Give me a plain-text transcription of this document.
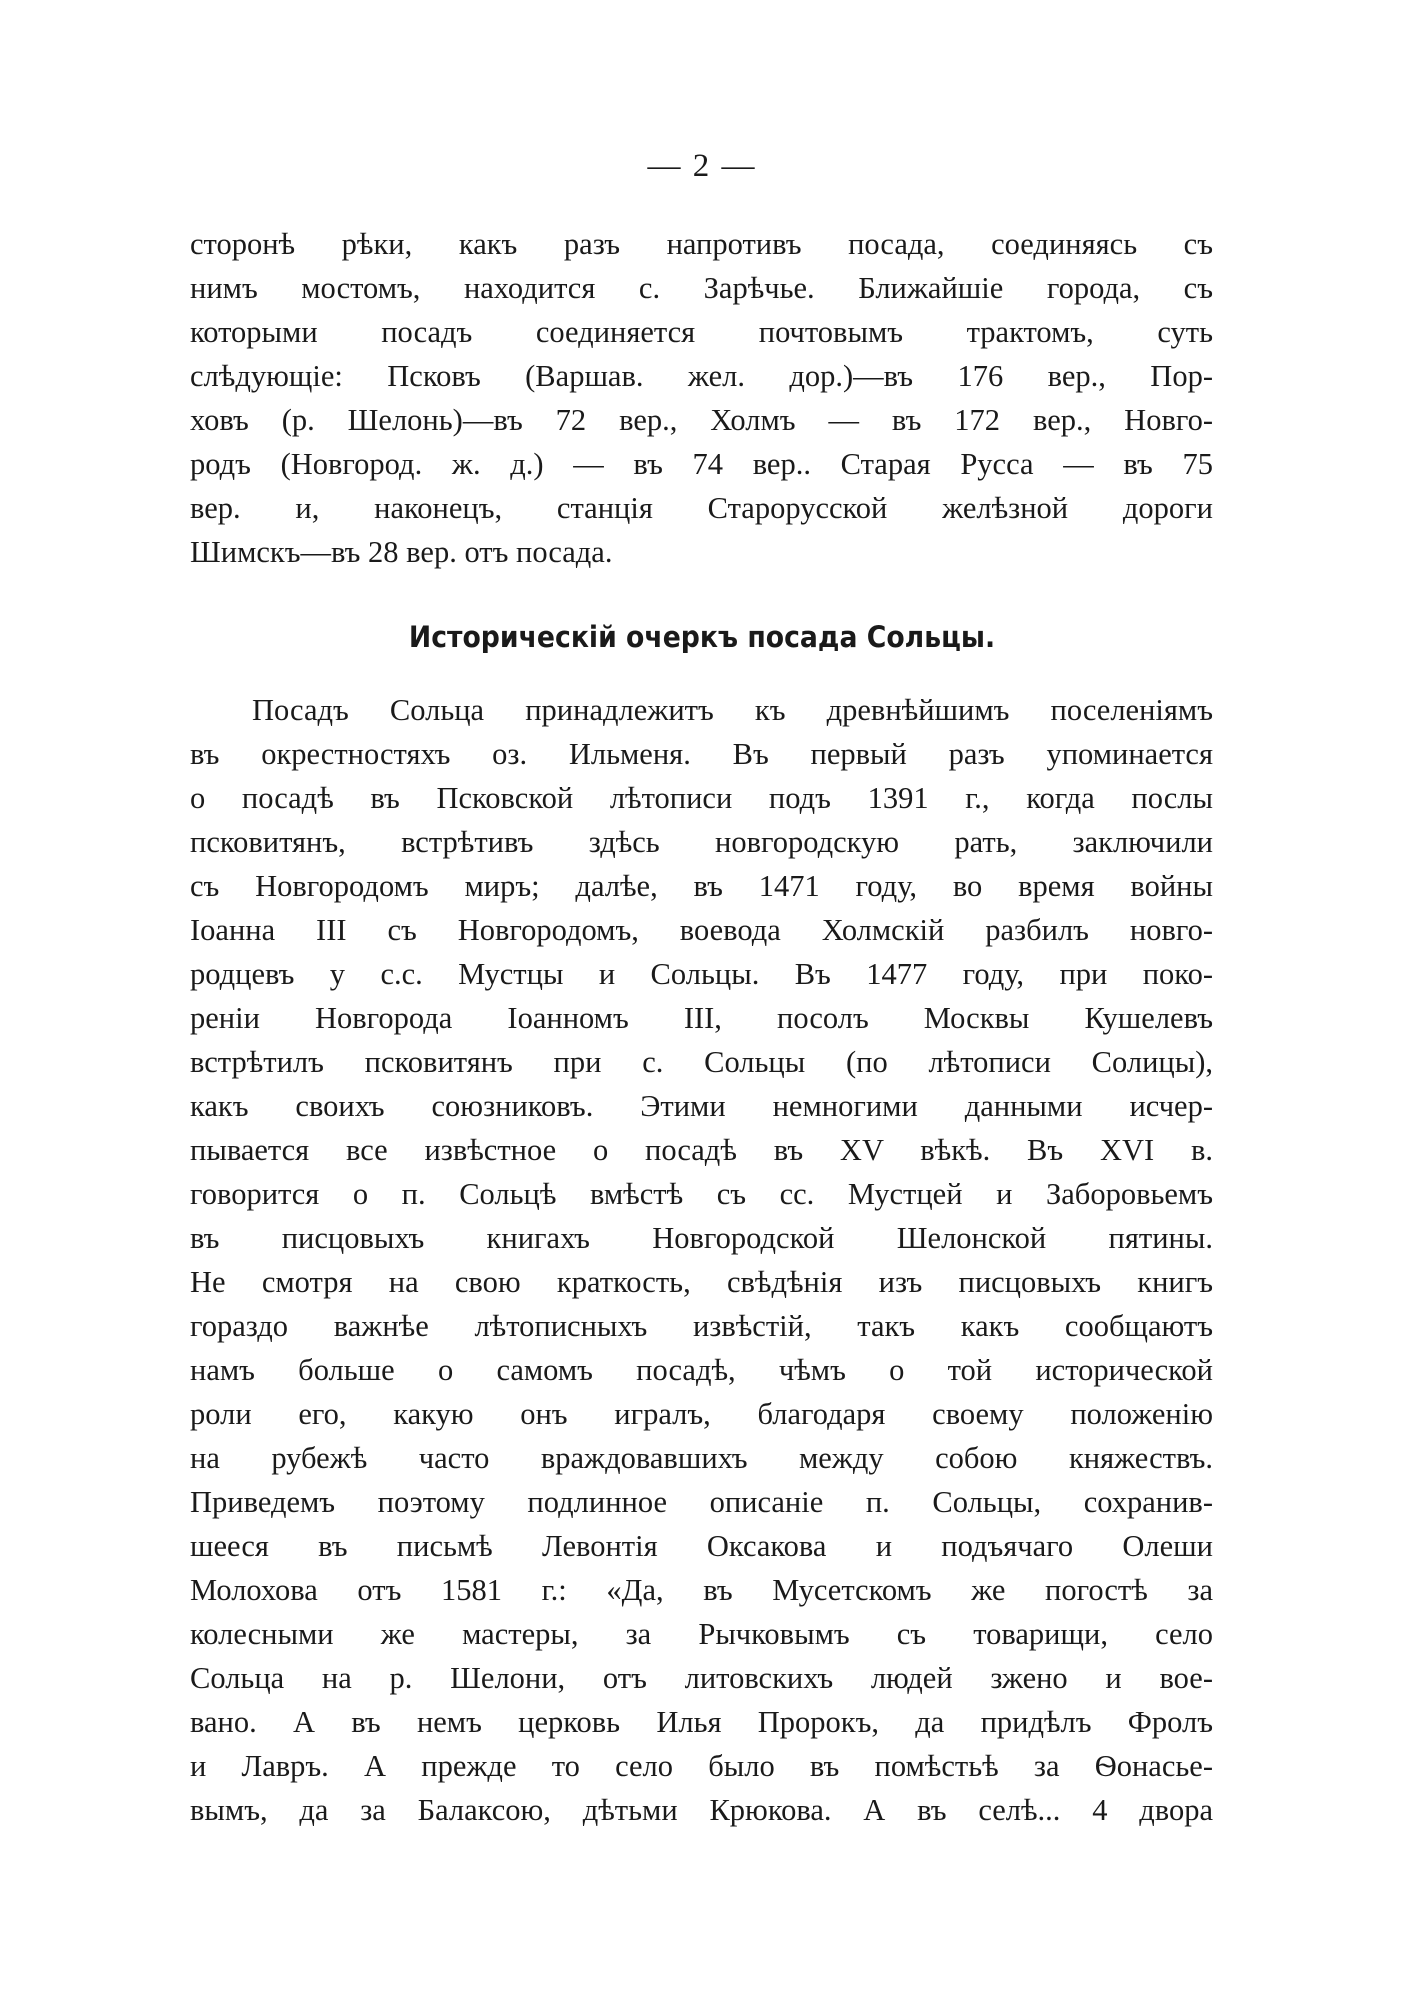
— 2 —
сторонѣ рѣки, какъ разъ напротивъ посада, соединяясь съ
нимъ мостомъ, находится с. Зарѣчье. Ближайшіе города, съ
которыми посадъ соединяется почтовымъ трактомъ, суть
слѣдующіе: Псковъ (Варшав. жел. дор.)—въ 176 вер., Пор-
ховъ (р. Шелонь)—въ 72 вер., Холмъ — въ 172 вер., Новго-
родъ (Новгород. ж. д.) — въ 74 вер.. Старая Русса — въ 75
вер. и, наконецъ, станція Старорусской желѣзной дороги
Шимскъ—въ 28 вер. отъ посада.
Историческій очеркъ посада Сольцы.
Посадъ Сольца принадлежитъ къ древнѣйшимъ поселеніямъ
въ окрестностяхъ оз. Ильменя. Въ первый разъ упоминается
о посадѣ въ Псковской лѣтописи подъ 1391 г., когда послы
псковитянъ, встрѣтивъ здѣсь новгородскую рать, заключили
съ Новгородомъ миръ; далѣе, въ 1471 году, во время войны
Іоанна III съ Новгородомъ, воевода Холмскій разбилъ новго-
родцевъ у с.с. Мустцы и Сольцы. Въ 1477 году, при поко-
реніи Новгорода Іоанномъ III, посолъ Москвы Кушелевъ
встрѣтилъ псковитянъ при с. Сольцы (по лѣтописи Солицы),
какъ своихъ союзниковъ. Этими немногими данными исчер-
пывается все извѣстное о посадѣ въ XV вѣкѣ. Въ XVI в.
говорится о п. Сольцѣ вмѣстѣ съ сс. Мустцей и Заборовьемъ
въ писцовыхъ книгахъ Новгородской Шелонской пятины.
Не смотря на свою краткость, свѣдѣнія изъ писцовыхъ книгъ
гораздо важнѣе лѣтописныхъ извѣстій, такъ какъ сообщаютъ
намъ больше о самомъ посадѣ, чѣмъ о той исторической
роли его, какую онъ игралъ, благодаря своему положенію
на рубежѣ часто враждовавшихъ между собою княжествъ.
Приведемъ поэтому подлинное описаніе п. Сольцы, сохранив-
шееся въ письмѣ Левонтія Оксакова и подъячаго Олеши
Молохова отъ 1581 г.: «Да, въ Мусетскомъ же погостѣ за
колесными же мастеры, за Рычковымъ съ товарищи, село
Сольца на р. Шелони, отъ литовскихъ людей зжено и вое-
вано. А въ немъ церковь Илья Пророкъ, да придѣлъ Фролъ
и Лавръ. А прежде то село было въ помѣстьѣ за Ѳонасье-
вымъ, да за Балаксою, дѣтьми Крюкова. А въ селѣ... 4 двора
